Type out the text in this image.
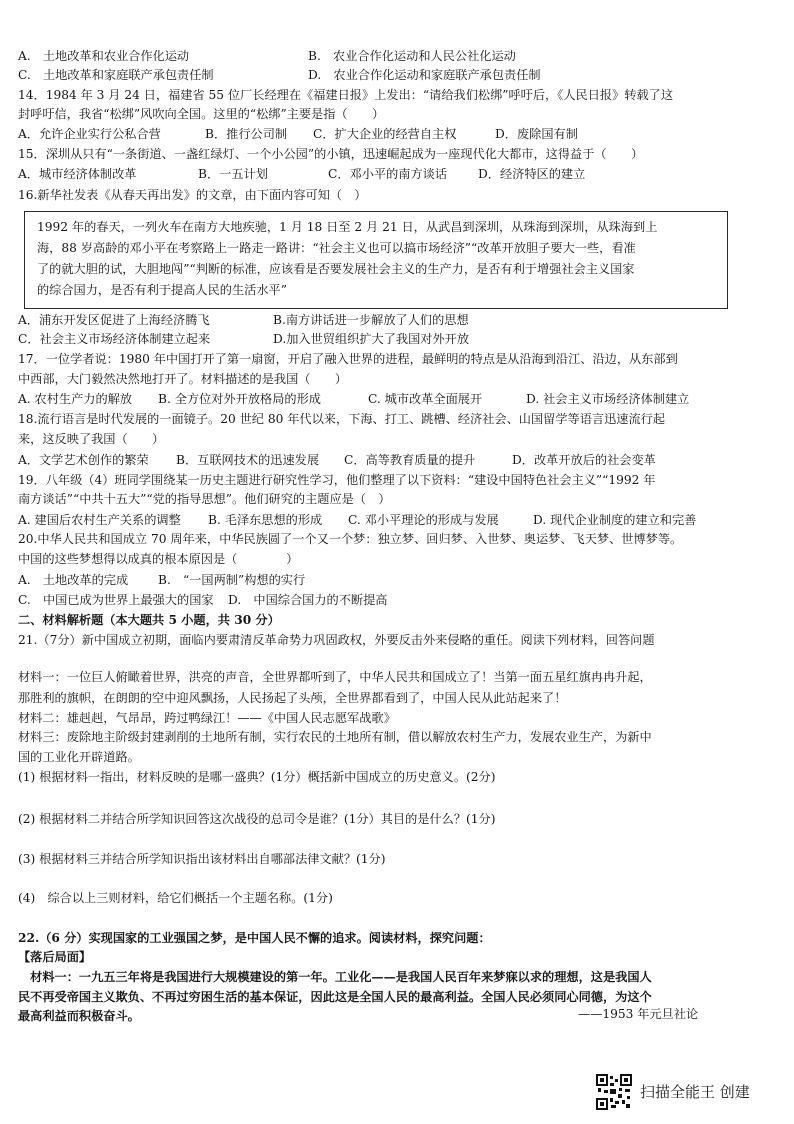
A.　土地改革和农业合作化运动	B.　农业合作化运动和人民公社化运动
C.　土地改革和家庭联产承包责任制	D.　农业合作化运动和家庭联产承包责任制
14．1984 年 3 月 24 日，福建省 55 位厂长经理在《福建日报》上发出：“请给我们松绑”呼吁后，《人民日报》转载了这
封呼吁信，我省“松绑”风吹向全国。这里的“松绑”主要是指（　　）
A．允许企业实行公私合营	B．推行公司制 C．扩大企业的经营自主权	D．废除国有制
15．深圳从只有“一条街道、一盏红绿灯、一个小公园”的小镇，迅速崛起成为一座现代化大都市，这得益于（　　）
A．城市经济体制改革	B．一五计划	C．邓小平的南方谈话	D．经济特区的建立
16.新华社发表《从春天再出发》的文章，由下面内容可知（　）
1992 年的春天，一列火车在南方大地疾驰，1 月 18 日至 2 月 21 日，从武昌到深圳，从珠海到深圳，从珠海到上
海，88 岁高龄的邓小平在考察路上一路走一路讲：“社会主义也可以搞市场经济”“改革开放胆子要大一些，看准
了的就大胆的试，大胆地闯”“判断的标准，应该看是否要发展社会主义的生产力，是否有利于增强社会主义国家
的综合国力，是否有利于提高人民的生活水平”
A．浦东开发区促进了上海经济腾飞	B.南方讲话进一步解放了人们的思想
C．社会主义市场经济体制建立起来	D.加入世贸组织扩大了我国对外开放
17．一位学者说：1980 年中国打开了第一扇窗，开启了融入世界的进程，最鲜明的特点是从沿海到沿江、沿边，从东部到
中西部，大门毅然决然地打开了。材料描述的是我国（　　）
A. 农村生产力的解放 B. 全方位对外开放格局的形成	C. 城市改革全面展开	D. 社会主义市场经济体制建立
18.流行语言是时代发展的一面镜子。20 世纪 80 年代以来，下海、打工、跳槽、经济社会、山国留学等语言迅速流行起
来，这反映了我国（　　）
A．文学艺术创作的繁荣 B．互联网技术的迅速发展 C．高等教育质量的提升	D．改革开放后的社会变革
19．八年级（4）班同学围绕某一历史主题进行研究性学习，他们整理了以下资料：“建设中国特色社会主义”“1992 年
南方谈话”“中共十五大”“党的指导思想”。他们研究的主题应是（　）
A. 建国后农村生产关系的调整 B. 毛泽东思想的形成 C. 邓小平理论的形成与发展	D. 现代企业制度的建立和完善
20.中华人民共和国成立 70 周年来，中华民族圆了一个又一个梦：独立梦、回归梦、入世梦、奥运梦、飞天梦、世博梦等。
中国的这些梦想得以成真的根本原因是（　　　　）
A.　土地改革的完成 B.　“一国两制”构想的实行
C.　中国已成为世界上最强大的国家 D.　中国综合国力的不断提高
二、材料解析题（本大题共 5 小题，共 30 分）
21.（7分）新中国成立初期，面临内要肃清反革命势力巩固政权，外要反击外来侵略的重任。阅读下列材料，回答问题
材料一：一位巨人俯瞰着世界，洪亮的声音，全世界都听到了，中华人民共和国成立了！当第一面五星红旗冉冉升起，
那胜利的旗帜，在朗朗的空中迎风飘扬，人民扬起了头颅，全世界都看到了，中国人民从此站起来了！
材料二：雄赳赳，气昂昂，跨过鸭绿江！——《中国人民志愿军战歌》
材料三：废除地主阶级封建剥削的土地所有制，实行农民的土地所有制，借以解放农村生产力，发展农业生产，为新中
国的工业化开辟道路。
(1) 根据材料一指出，材料反映的是哪一盛典？(1分）概括新中国成立的历史意义。(2分)
(2) 根据材料二并结合所学知识回答这次战役的总司令是谁？(1分）其目的是什么？(1分)
(3) 根据材料三并结合所学知识指出该材料出自哪部法律文献？(1分)
(4)　综合以上三则材料，给它们概括一个主题名称。(1分)
22.（6 分）实现国家的工业强国之梦，是中国人民不懈的追求。阅读材料，探究问题：
【落后局面】
　材料一：一九五三年将是我国进行大规模建设的第一年。工业化——是我国人民百年来梦寐以求的理想，这是我国人
民不再受帝国主义欺负、不再过穷困生活的基本保证，因此这是全国人民的最高利益。全国人民必须同心同德，为这个
最高利益而积极奋斗。	——1953 年元旦社论
扫描全能王 创建
